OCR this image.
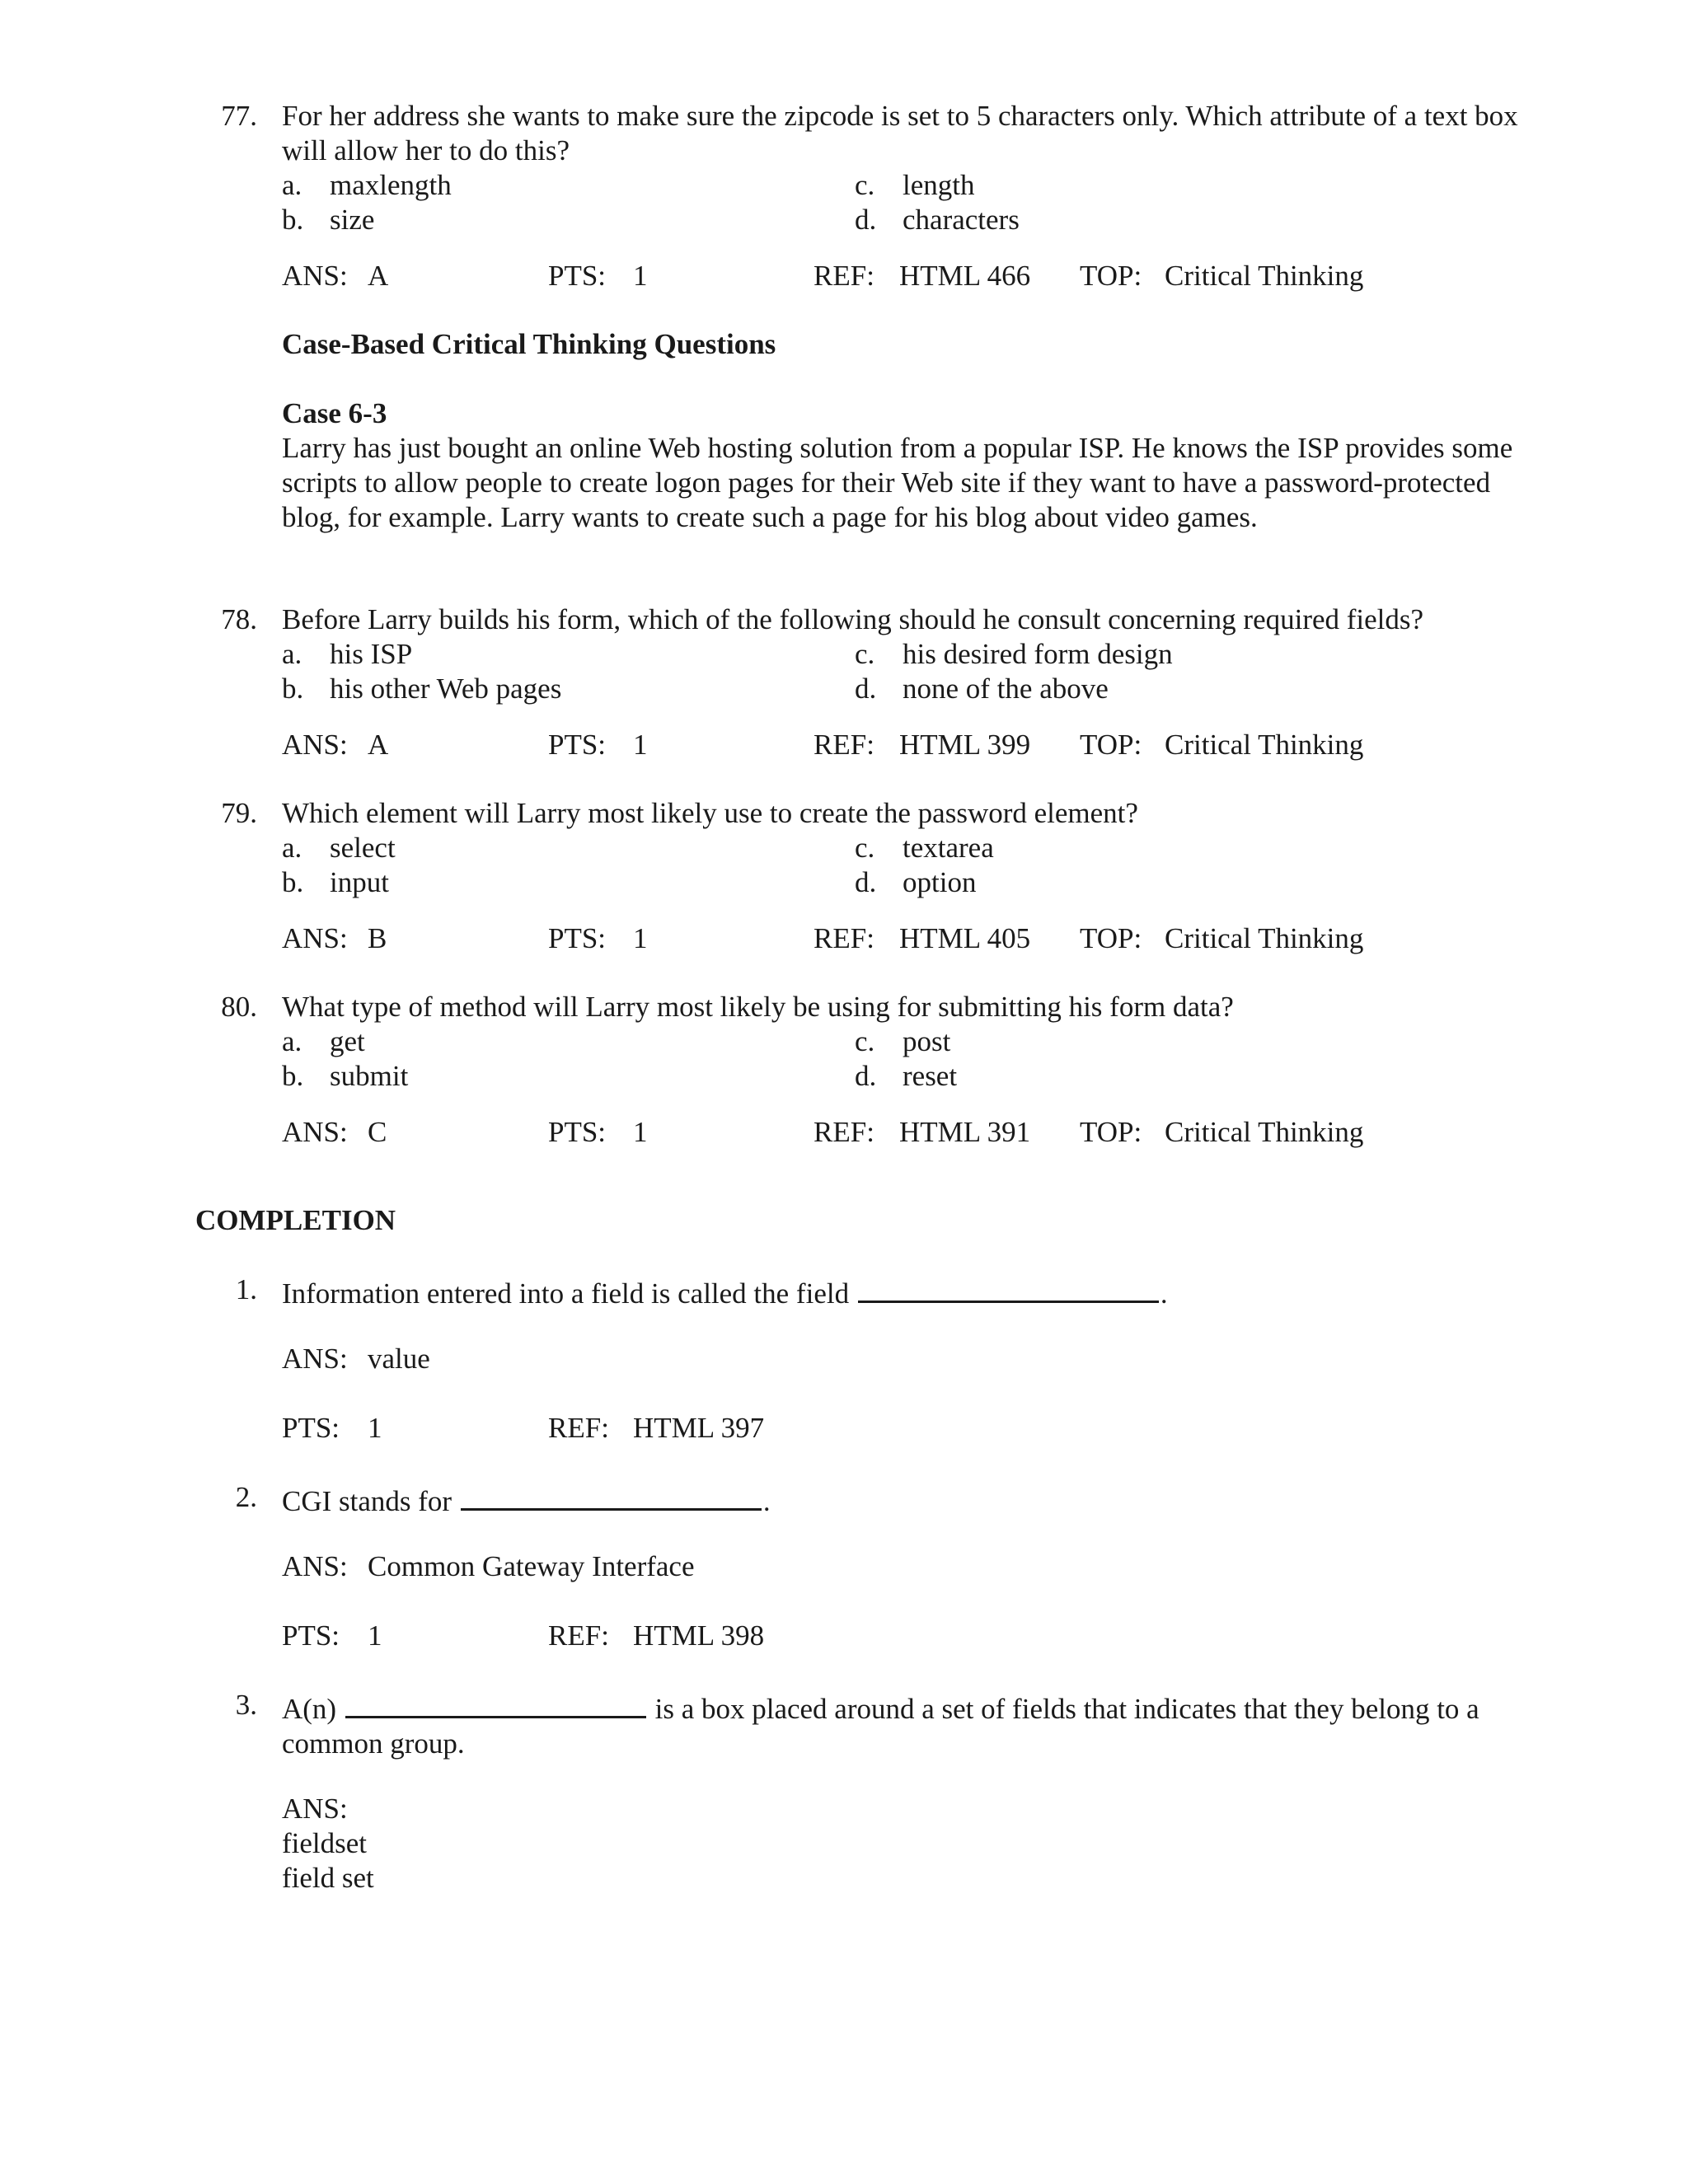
77. For her address she wants to make sure the zipcode is set to 5 characters only. Which attribute of a text box will allow her to do this?
a. maxlength
b. size
c. length
d. characters
ANS: A	PTS: 1	REF: HTML 466 TOP: Critical Thinking
Case-Based Critical Thinking Questions
Case 6-3
Larry has just bought an online Web hosting solution from a popular ISP. He knows the ISP provides some scripts to allow people to create logon pages for their Web site if they want to have a password-protected blog, for example. Larry wants to create such a page for his blog about video games.
78. Before Larry builds his form, which of the following should he consult concerning required fields?
a. his ISP
b. his other Web pages
c. his desired form design
d. none of the above
ANS: A	PTS: 1	REF: HTML 399 TOP: Critical Thinking
79. Which element will Larry most likely use to create the password element?
a. select
b. input
c. textarea
d. option
ANS: B	PTS: 1	REF: HTML 405 TOP: Critical Thinking
80. What type of method will Larry most likely be using for submitting his form data?
a. get
b. submit
c. post
d. reset
ANS: C	PTS: 1	REF: HTML 391 TOP: Critical Thinking
COMPLETION
1. Information entered into a field is called the field	.
ANS: value
PTS: 1	REF: HTML 397
2. CGI stands for	.
ANS: Common Gateway Interface
PTS: 1	REF: HTML 398
3. A(n)	is a box placed around a set of fields that indicates that they belong to a common group.
ANS:
fieldset
field set
